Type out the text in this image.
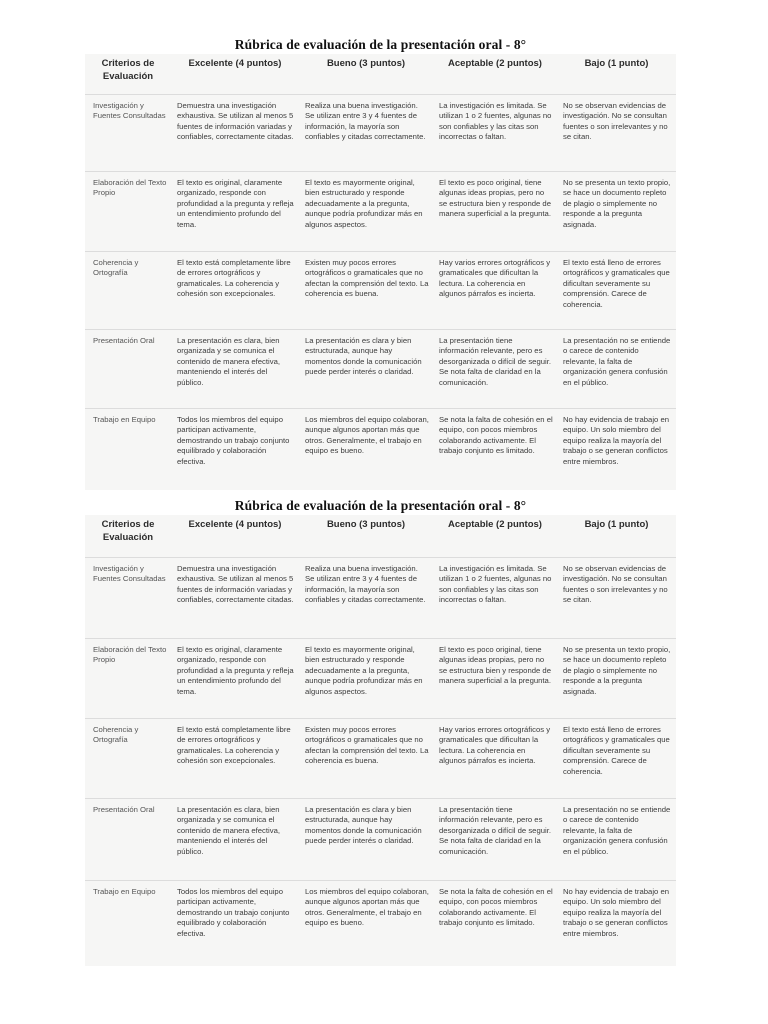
Rúbrica de evaluación de la presentación oral - 8°
Criterios de Evaluación	Excelente (4 puntos)	Bueno (3 puntos)	Aceptable (2 puntos)	Bajo (1 punto)
Investigación y Fuentes Consultadas	Demuestra una investigación exhaustiva. Se utilizan al menos 5 fuentes de información variadas y confiables, correctamente citadas.	Realiza una buena investigación. Se utilizan entre 3 y 4 fuentes de información, la mayoría son confiables y citadas correctamente.	La investigación es limitada. Se utilizan 1 o 2 fuentes, algunas no son confiables y las citas son incorrectas o faltan.	No se observan evidencias de investigación. No se consultan fuentes o son irrelevantes y no se citan.
Elaboración del Texto Propio	El texto es original, claramente organizado, responde con profundidad a la pregunta y refleja un entendimiento profundo del tema.	El texto es mayormente original, bien estructurado y responde adecuadamente a la pregunta, aunque podría profundizar más en algunos aspectos.	El texto es poco original, tiene algunas ideas propias, pero no se estructura bien y responde de manera superficial a la pregunta.	No se presenta un texto propio, se hace un documento repleto de plagio o simplemente no responde a la pregunta asignada.
Coherencia y Ortografía	El texto está completamente libre de errores ortográficos y gramaticales. La coherencia y cohesión son excepcionales.	Existen muy pocos errores ortográficos o gramaticales que no afectan la comprensión del texto. La coherencia es buena.	Hay varios errores ortográficos y gramaticales que dificultan la lectura. La coherencia en algunos párrafos es incierta.	El texto está lleno de errores ortográficos y gramaticales que dificultan severamente su comprensión. Carece de coherencia.
Presentación Oral	La presentación es clara, bien organizada y se comunica el contenido de manera efectiva, manteniendo el interés del público.	La presentación es clara y bien estructurada, aunque hay momentos donde la comunicación puede perder interés o claridad.	La presentación tiene información relevante, pero es desorganizada o difícil de seguir. Se nota falta de claridad en la comunicación.	La presentación no se entiende o carece de contenido relevante, la falta de organización genera confusión en el público.
Trabajo en Equipo	Todos los miembros del equipo participan activamente, demostrando un trabajo conjunto equilibrado y colaboración efectiva.	Los miembros del equipo colaboran, aunque algunos aportan más que otros. Generalmente, el trabajo en equipo es bueno.	Se nota la falta de cohesión en el equipo, con pocos miembros colaborando activamente. El trabajo conjunto es limitado.	No hay evidencia de trabajo en equipo. Un solo miembro del equipo realiza la mayoría del trabajo o se generan conflictos entre miembros.
Rúbrica de evaluación de la presentación oral - 8°
Criterios de Evaluación	Excelente (4 puntos)	Bueno (3 puntos)	Aceptable (2 puntos)	Bajo (1 punto)
Investigación y Fuentes Consultadas	Demuestra una investigación exhaustiva. Se utilizan al menos 5 fuentes de información variadas y confiables, correctamente citadas.	Realiza una buena investigación. Se utilizan entre 3 y 4 fuentes de información, la mayoría son confiables y citadas correctamente.	La investigación es limitada. Se utilizan 1 o 2 fuentes, algunas no son confiables y las citas son incorrectas o faltan.	No se observan evidencias de investigación. No se consultan fuentes o son irrelevantes y no se citan.
Elaboración del Texto Propio	El texto es original, claramente organizado, responde con profundidad a la pregunta y refleja un entendimiento profundo del tema.	El texto es mayormente original, bien estructurado y responde adecuadamente a la pregunta, aunque podría profundizar más en algunos aspectos.	El texto es poco original, tiene algunas ideas propias, pero no se estructura bien y responde de manera superficial a la pregunta.	No se presenta un texto propio, se hace un documento repleto de plagio o simplemente no responde a la pregunta asignada.
Coherencia y Ortografía	El texto está completamente libre de errores ortográficos y gramaticales. La coherencia y cohesión son excepcionales.	Existen muy pocos errores ortográficos o gramaticales que no afectan la comprensión del texto. La coherencia es buena.	Hay varios errores ortográficos y gramaticales que dificultan la lectura. La coherencia en algunos párrafos es incierta.	El texto está lleno de errores ortográficos y gramaticales que dificultan severamente su comprensión. Carece de coherencia.
Presentación Oral	La presentación es clara, bien organizada y se comunica el contenido de manera efectiva, manteniendo el interés del público.	La presentación es clara y bien estructurada, aunque hay momentos donde la comunicación puede perder interés o claridad.	La presentación tiene información relevante, pero es desorganizada o difícil de seguir. Se nota falta de claridad en la comunicación.	La presentación no se entiende o carece de contenido relevante, la falta de organización genera confusión en el público.
Trabajo en Equipo	Todos los miembros del equipo participan activamente, demostrando un trabajo conjunto equilibrado y colaboración efectiva.	Los miembros del equipo colaboran, aunque algunos aportan más que otros. Generalmente, el trabajo en equipo es bueno.	Se nota la falta de cohesión en el equipo, con pocos miembros colaborando activamente. El trabajo conjunto es limitado.	No hay evidencia de trabajo en equipo. Un solo miembro del equipo realiza la mayoría del trabajo o se generan conflictos entre miembros.
